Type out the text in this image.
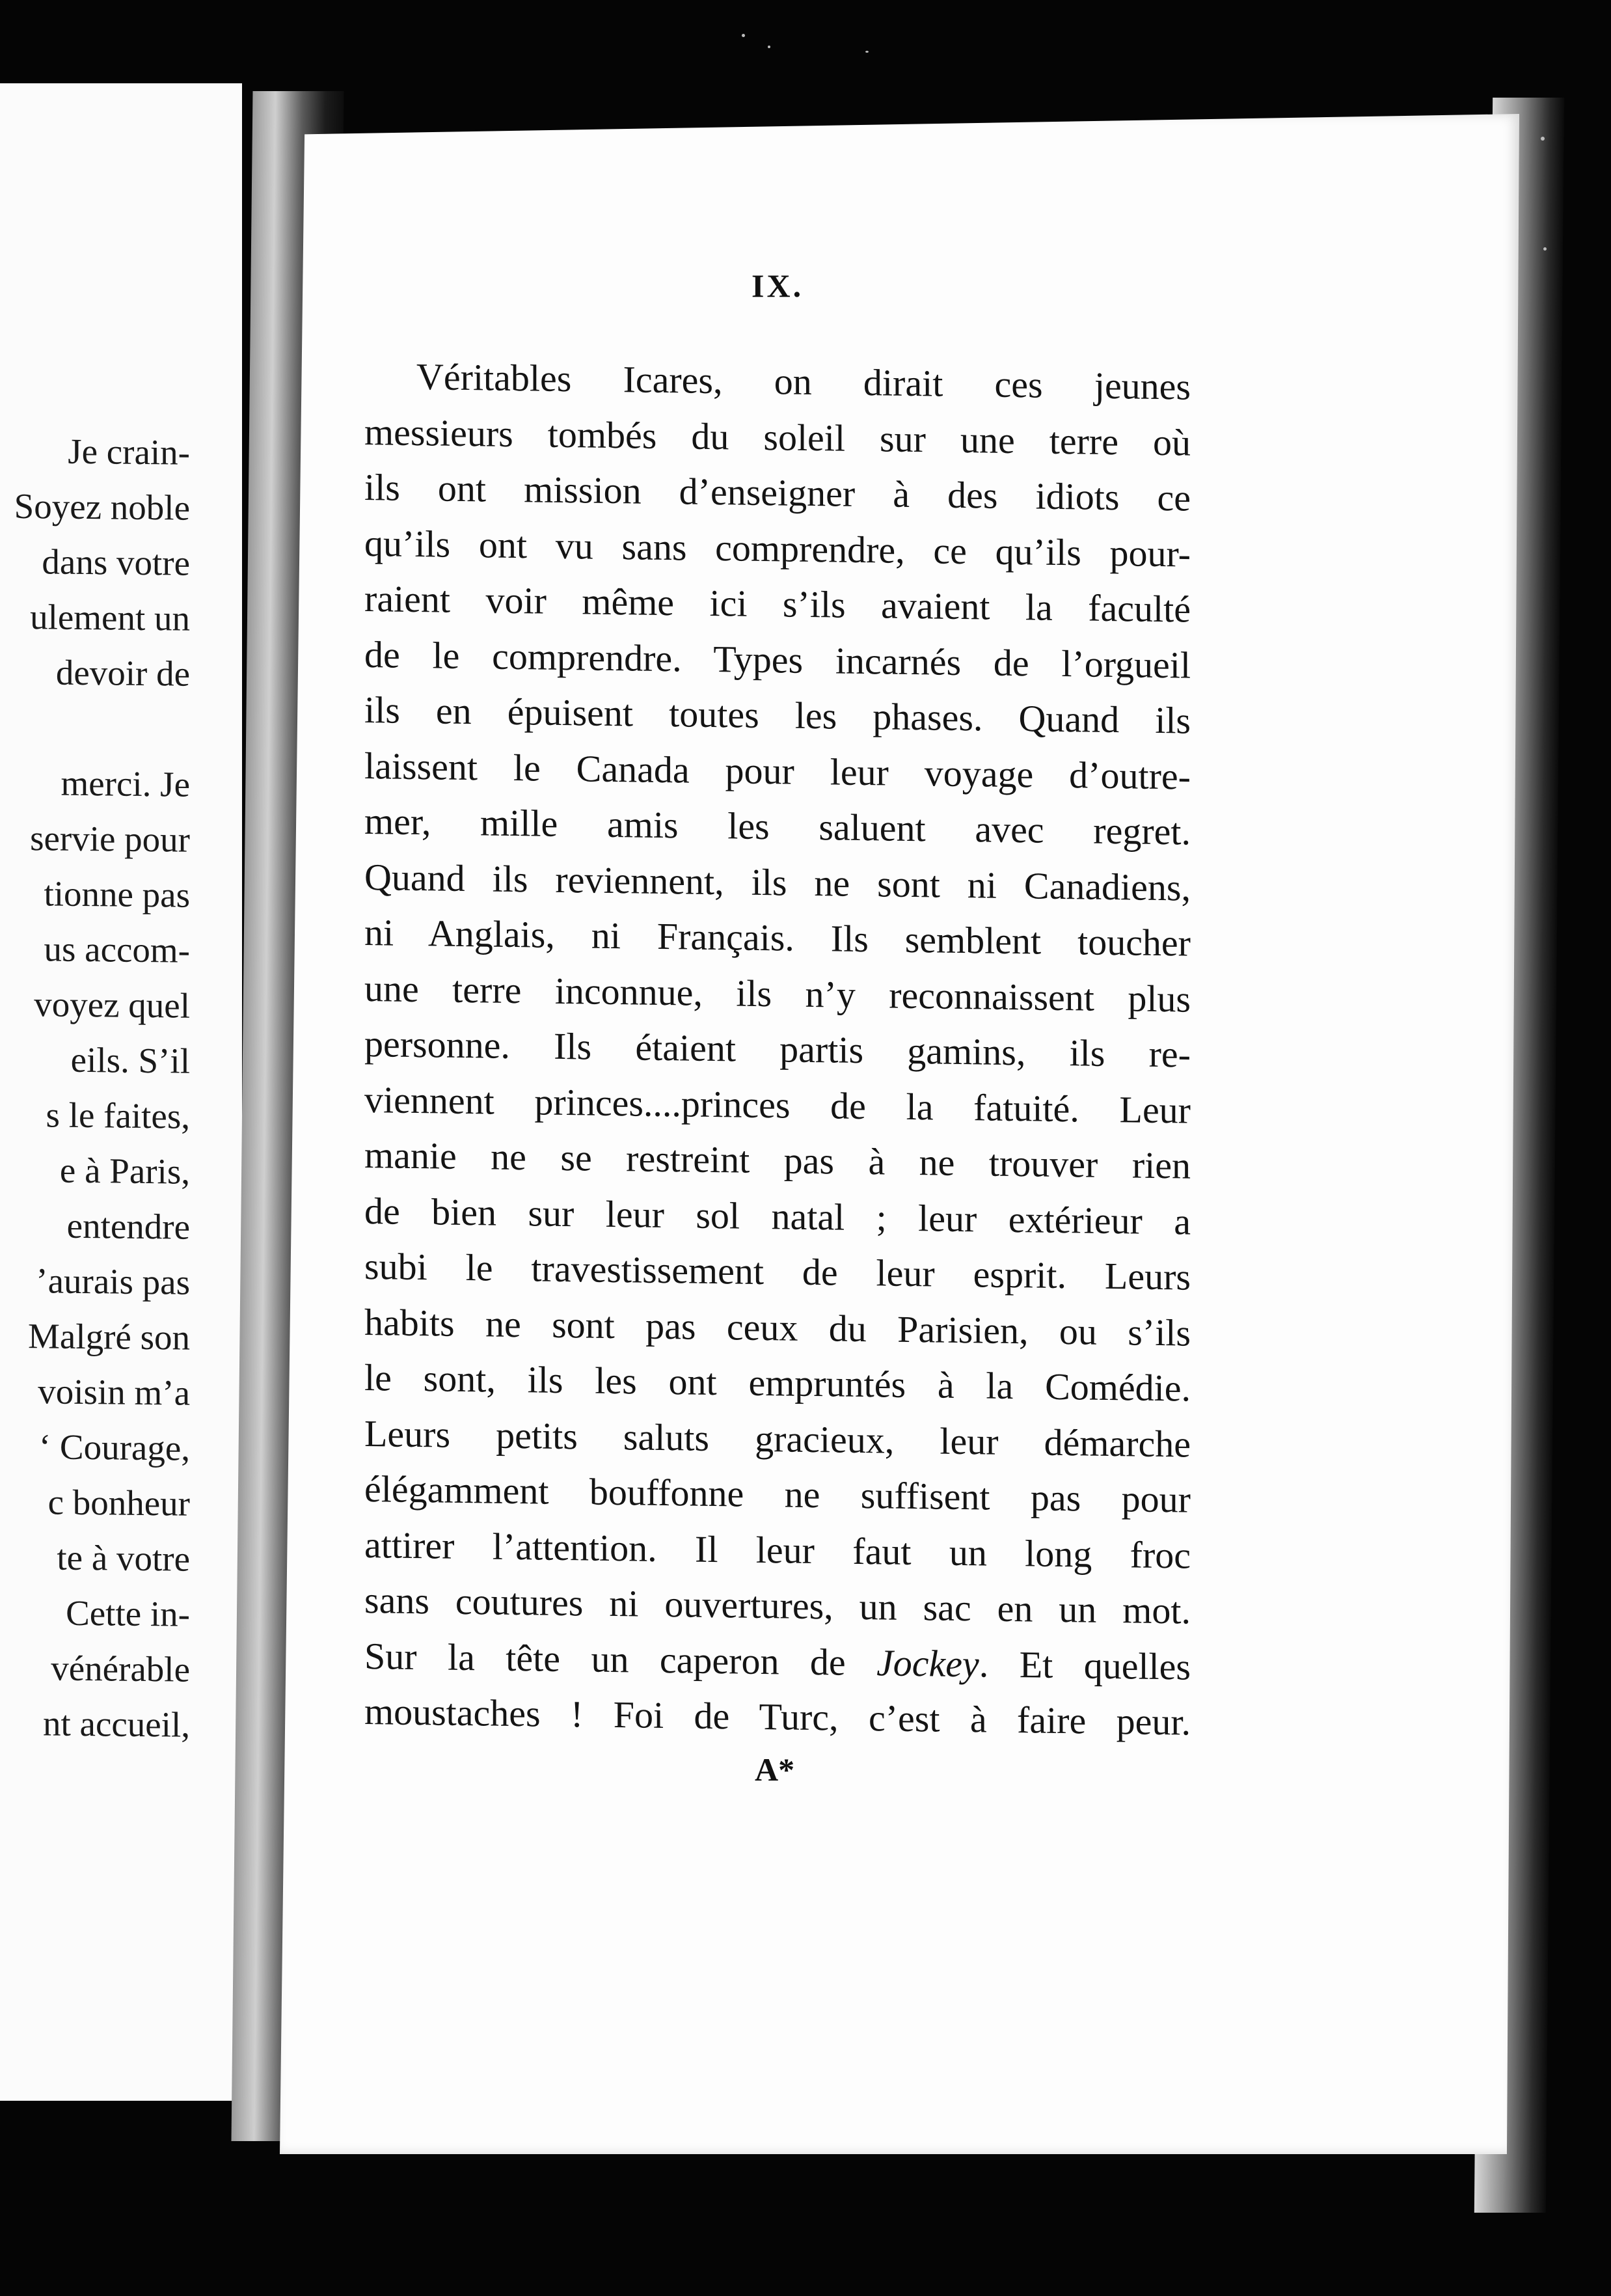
Je crain-
Soyez noble
dans votre
ulement un
devoir de
merci. Je
servie pour
tionne pas
us accom-
voyez quel
eils. S’il
s le faites,
e à Paris,
entendre
’aurais pas
Malgré son
voisin m’a
‘ Courage,
c bonheur
te à votre
Cette in-
vénérable
nt accueil,
IX.
Véritables Icares, on dirait ces jeunes
messieurs tombés du soleil sur une terre où
ils ont mission d’enseigner à des idiots ce
qu’ils ont vu sans comprendre, ce qu’ils pour-
raient voir même ici s’ils avaient la faculté
de le comprendre. Types incarnés de l’orgueil
ils en épuisent toutes les phases. Quand ils
laissent le Canada pour leur voyage d’outre-
mer, mille amis les saluent avec regret.
Quand ils reviennent, ils ne sont ni Canadiens,
ni Anglais, ni Français. Ils semblent toucher
une terre inconnue, ils n’y reconnaissent plus
personne. Ils étaient partis gamins, ils re-
viennent princes....princes de la fatuité. Leur
manie ne se restreint pas à ne trouver rien
de bien sur leur sol natal ; leur extérieur a
subi le travestissement de leur esprit. Leurs
habits ne sont pas ceux du Parisien, ou s’ils
le sont, ils les ont empruntés à la Comédie.
Leurs petits saluts gracieux, leur démarche
élégamment bouffonne ne suffisent pas pour
attirer l’attention. Il leur faut un long froc
sans coutures ni ouvertures, un sac en un mot.
Sur la tête un caperon de Jockey. Et quelles
moustaches ! Foi de Turc, c’est à faire peur.
A*
